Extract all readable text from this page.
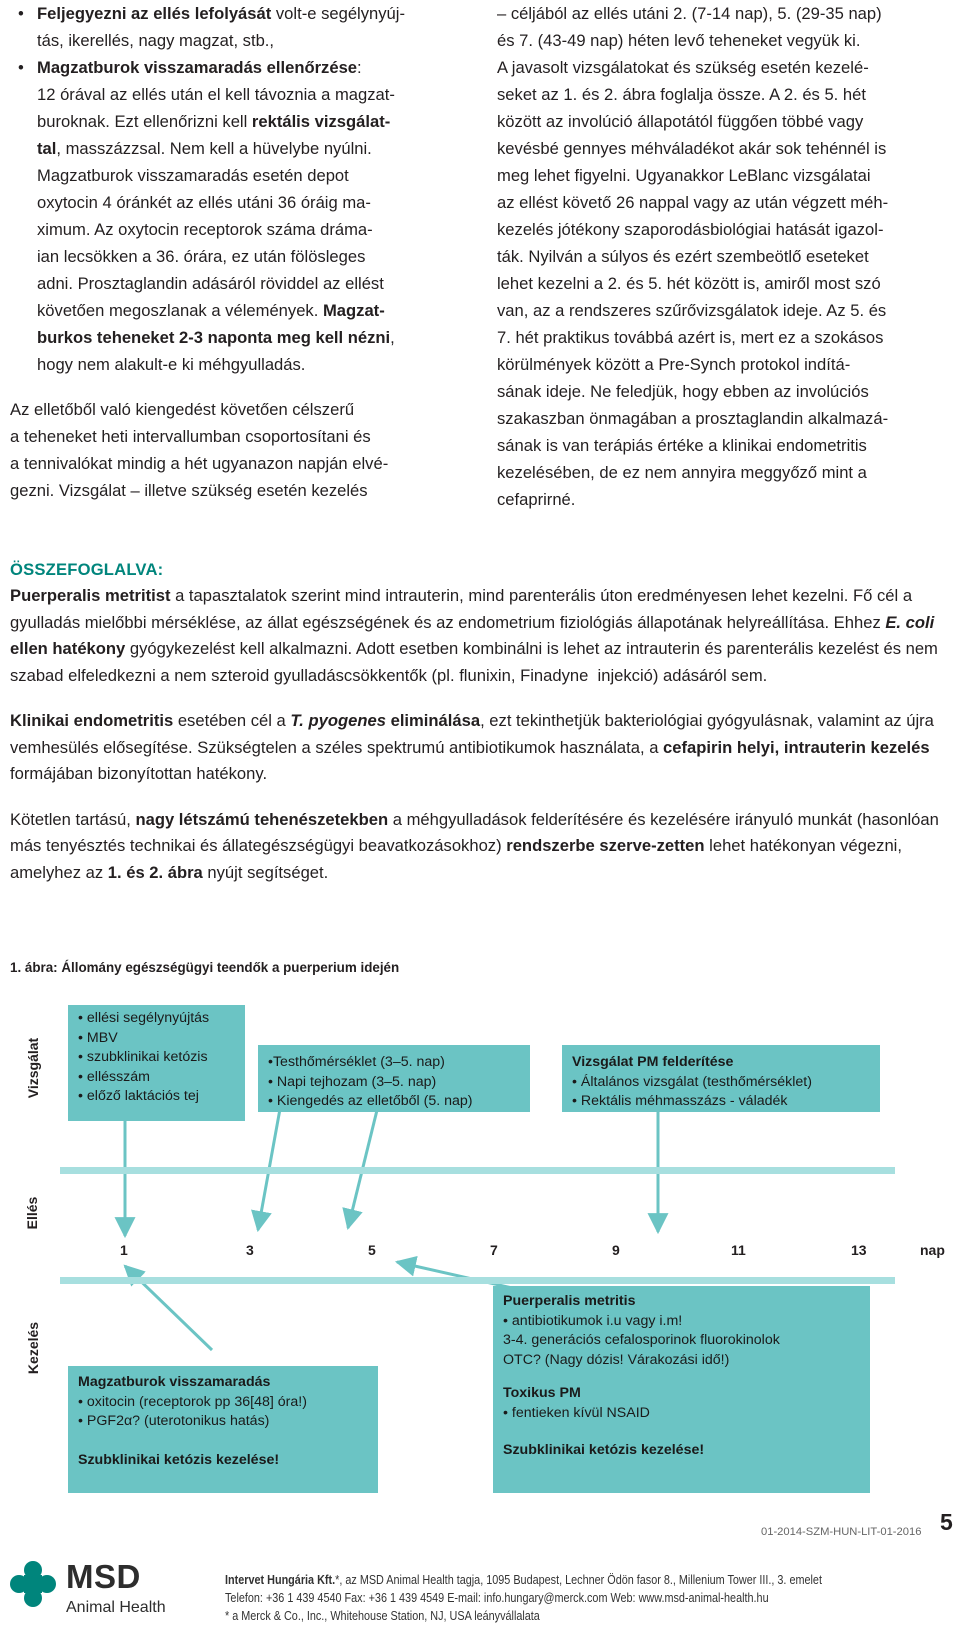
• Feljegyezni az ellés lefolyását volt-e segélynyúj-
tás, ikerellés, nagy magzat, stb.,
• Magzatburok visszamaradás ellenőrzése:
12 órával az ellés után el kell távoznia a magzat-
buroknak. Ezt ellenőrizni kell rektális vizsgálat-
tal, masszázzsal. Nem kell a hüvelybe nyúlni.
Magzatburok visszamaradás esetén depot
oxytocin 4 óránkét az ellés utáni 36 óráig ma-
ximum. Az oxytocin receptorok száma dráma-
ian lecsökken a 36. órára, ez után fölösleges
adni. Prosztaglandin adásáról röviddel az ellést
követően megoszlanak a vélemények. Magzat-
burkos teheneket 2-3 naponta meg kell nézni,
hogy nem alakult-e ki méhgyulladás.
Az elletőből való kiengedést követően célszerű
a teheneket heti intervallumban csoportosítani és
a tennivalókat mindig a hét ugyanazon napján elvé-
gezni. Vizsgálat – illetve szükség esetén kezelés
– céljából az ellés utáni 2. (7-14 nap), 5. (29-35 nap)
és 7. (43-49 nap) héten levő teheneket vegyük ki.
A javasolt vizsgálatokat és szükség esetén kezelé-
seket az 1. és 2. ábra foglalja össze. A 2. és 5. hét
között az involúció állapotától függően többé vagy
kevésbé gennyes méhváladékot akár sok tehénnél is
meg lehet figyelni. Ugyanakkor LeBlanc vizsgálatai
az ellést követő 26 nappal vagy az után végzett méh-
kezelés jótékony szaporodásbiológiai hatását igazol-
ták. Nyilván a súlyos és ezért szembeötlő eseteket
lehet kezelni a 2. és 5. hét között is, amiről most szó
van, az a rendszeres szűrővizsgálatok ideje. Az 5. és
7. hét praktikus továbbá azért is, mert ez a szokásos
körülmények között a Pre-Synch protokol indítá-
sának ideje. Ne feledjük, hogy ebben az involúciós
szakaszban önmagában a prosztaglandin alkalmazá-
sának is van terápiás értéke a klinikai endometritis
kezelésében, de ez nem annyira meggyőző mint a
cefaprirné.
ÖSSZEFOGLALVA:

Puerperalis metritist a tapasztalatok szerint mind intrauterin, mind parenterális úton eredményesen lehet kezelni. Fő cél a gyulladás mielőbbi mérséklése, az állat egészségének és az endometrium fiziológiás állapotának helyreállítása. Ehhez E. coli ellen hatékony gyógykezelést kell alkalmazni. Adott esetben kombinálni is lehet az intrauterin és parenterális kezelést és nem szabad elfeledkezni a nem szteroid gyulladáscsökkentők (pl. flunixin, Finadyne  injekció) adásáról sem.

Klinikai endometritis esetében cél a T. pyogenes eliminálása, ezt tekinthetjük bakteriológiai gyógyulásnak, valamint az újra vemhesülés elősegítése. Szükségtelen a széles spektrumú antibiotikumok használata, a cefapirin helyi, intrauterin kezelés formájában bizonyítottan hatékony.

Kötetlen tartású, nagy létszámú tehenészetekben a méhgyulladások felderítésére és kezelésére irányuló munkát (hasonlóan más tenyésztés technikai és állategészségügyi beavatkozásokhoz) rendszerbe szerve-zetten lehet hatékonyan végezni, amelyhez az 1. és 2. ábra nyújt segítséget.

1. ábra: Állomány egészségügyi teendők a puerperium idején
Vizsgálat
Ellés
Kezelés
1	3	5	7	9	11	13	nap
• ellési segélynyújtás
• MBV
• szubklinikai ketózis
• ellésszám
• előző laktációs tej
•Testhőmérséklet (3–5. nap)
• Napi tejhozam (3–5. nap)
• Kiengedés az elletőből (5. nap)
Vizsgálat PM felderítése
• Általános vizsgálat (testhőmérséklet)
• Rektális méhmasszázs - váladék
Magzatburok visszamaradás
• oxitocin (receptorok pp 36[48] óra!)
• PGF2α? (uterotonikus hatás)
Szubklinikai ketózis kezelése!
Puerperalis metritis
• antibiotikumok i.u vagy i.m!
3-4. generációs cefalosporinok fluorokinolok
OTC? (Nagy dózis! Várakozási idő!)
Toxikus PM
• fentieken kívül NSAID
Szubklinikai ketózis kezelése!
01-2014-SZM-HUN-LIT-01-2016 5
MSD
Animal Health
Intervet Hungária Kft.*, az MSD Animal Health tagja, 1095 Budapest, Lechner Ödön fasor 8., Millenium Tower III., 3. emelet
Telefon: +36 1 439 4540 Fax: +36 1 439 4549 E-mail: info.hungary@merck.com Web: www.msd-animal-health.hu
* a Merck & Co., Inc., Whitehouse Station, NJ, USA leányvállalata
